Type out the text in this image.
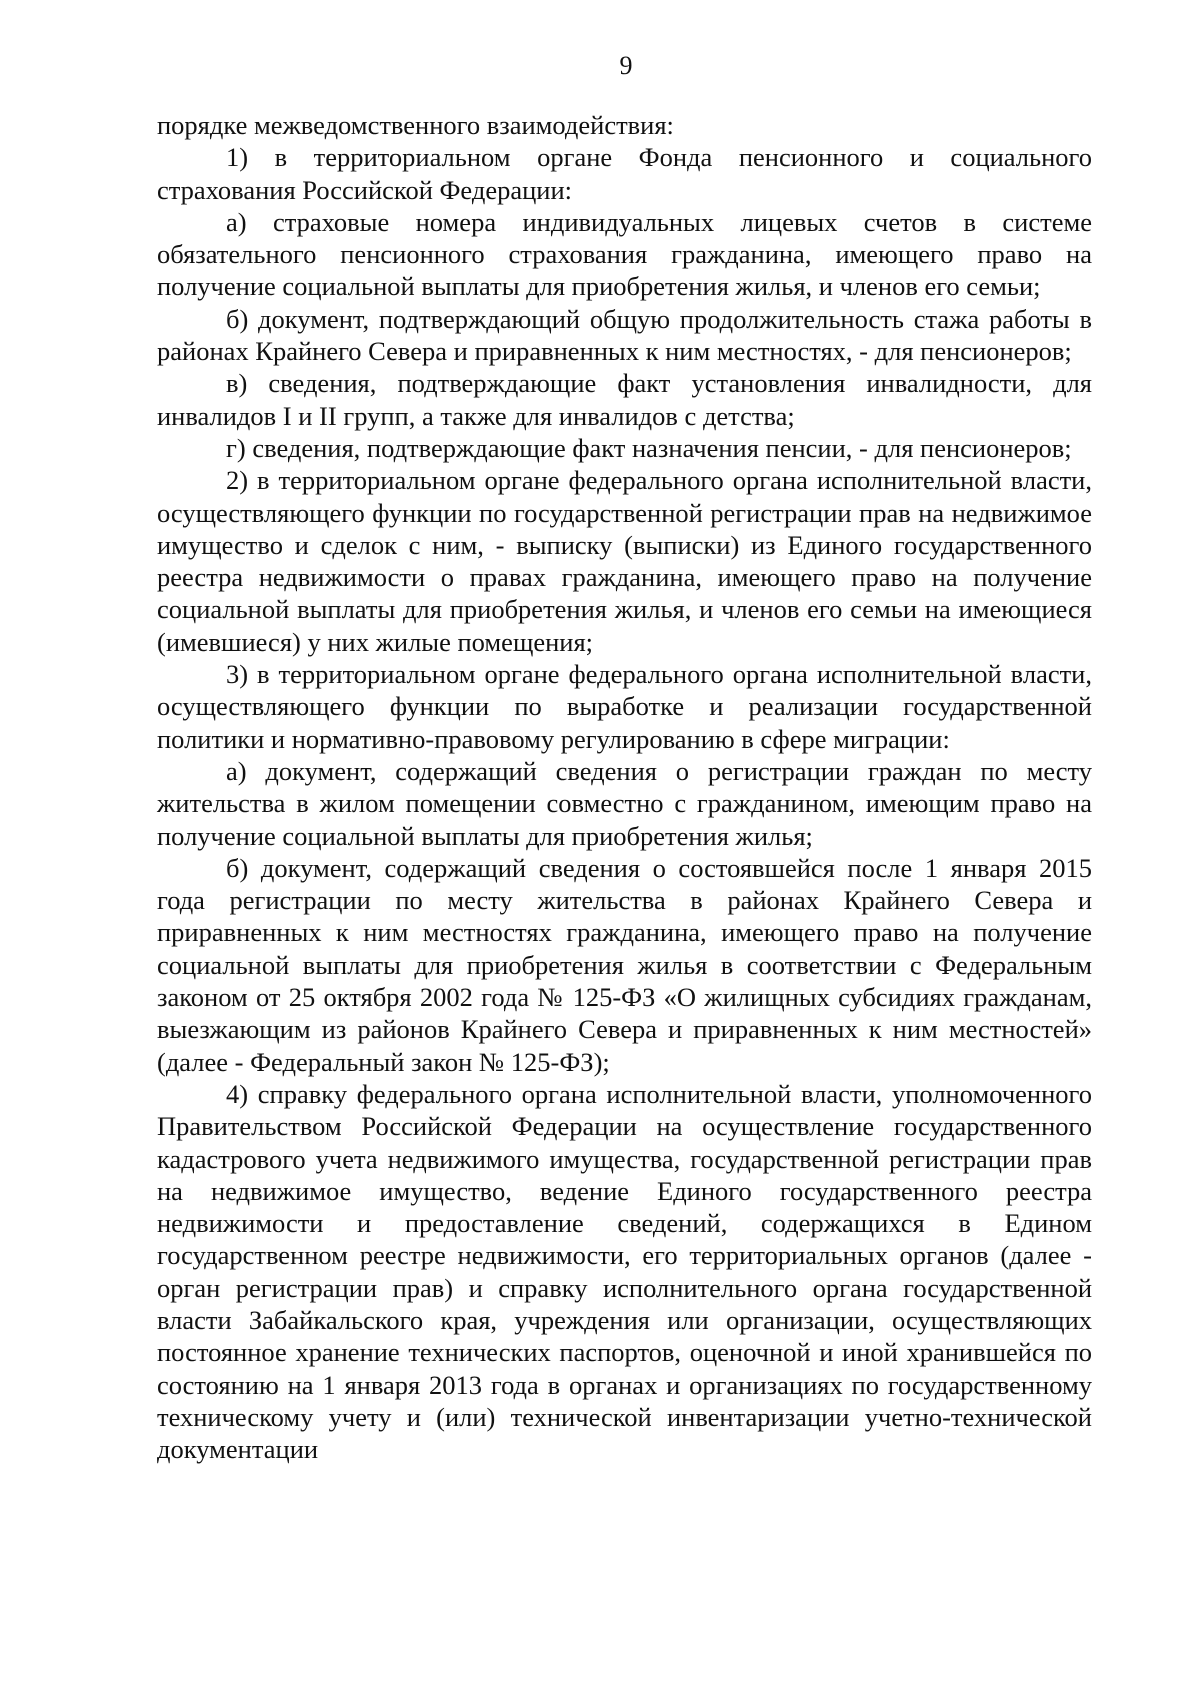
9

порядке межведомственного взаимодействия:

1) в территориальном органе Фонда пенсионного и социального страхования Российской Федерации:

а) страховые номера индивидуальных лицевых счетов в системе обязательного пенсионного страхования гражданина, имеющего право на получение социальной выплаты для приобретения жилья, и членов его семьи;

б) документ, подтверждающий общую продолжительность стажа работы в районах Крайнего Севера и приравненных к ним местностях, - для пенсионеров;

в) сведения, подтверждающие факт установления инвалидности, для инвалидов I и II групп, а также для инвалидов с детства;

г) сведения, подтверждающие факт назначения пенсии, - для пенсионеров;

2) в территориальном органе федерального органа исполнительной власти, осуществляющего функции по государственной регистрации прав на недвижимое имущество и сделок с ним, - выписку (выписки) из Единого государственного реестра недвижимости о правах гражданина, имеющего право на получение социальной выплаты для приобретения жилья, и членов его семьи на имеющиеся (имевшиеся) у них жилые помещения;

3) в территориальном органе федерального органа исполнительной власти, осуществляющего функции по выработке и реализации государственной политики и нормативно-правовому регулированию в сфере миграции:

а) документ, содержащий сведения о регистрации граждан по месту жительства в жилом помещении совместно с гражданином, имеющим право на получение социальной выплаты для приобретения жилья;

б) документ, содержащий сведения о состоявшейся после 1 января 2015 года регистрации по месту жительства в районах Крайнего Севера и приравненных к ним местностях гражданина, имеющего право на получение социальной выплаты для приобретения жилья в соответствии с Федеральным законом от 25 октября 2002 года № 125-ФЗ «О жилищных субсидиях гражданам, выезжающим из районов Крайнего Севера и приравненных к ним местностей» (далее - Федеральный закон № 125-ФЗ);

4) справку федерального органа исполнительной власти, уполномоченного Правительством Российской Федерации на осуществление государственного кадастрового учета недвижимого имущества, государственной регистрации прав на недвижимое имущество, ведение Единого государственного реестра недвижимости и предоставление сведений, содержащихся в Едином государственном реестре недвижимости, его территориальных органов (далее - орган регистрации прав) и справку исполнительного органа государственной власти Забайкальского края, учреждения или организации, осуществляющих постоянное хранение технических паспортов, оценочной и иной хранившейся по состоянию на 1 января 2013 года в органах и организациях по государственному техническому учету и (или) технической инвентаризации учетно-технической документации
